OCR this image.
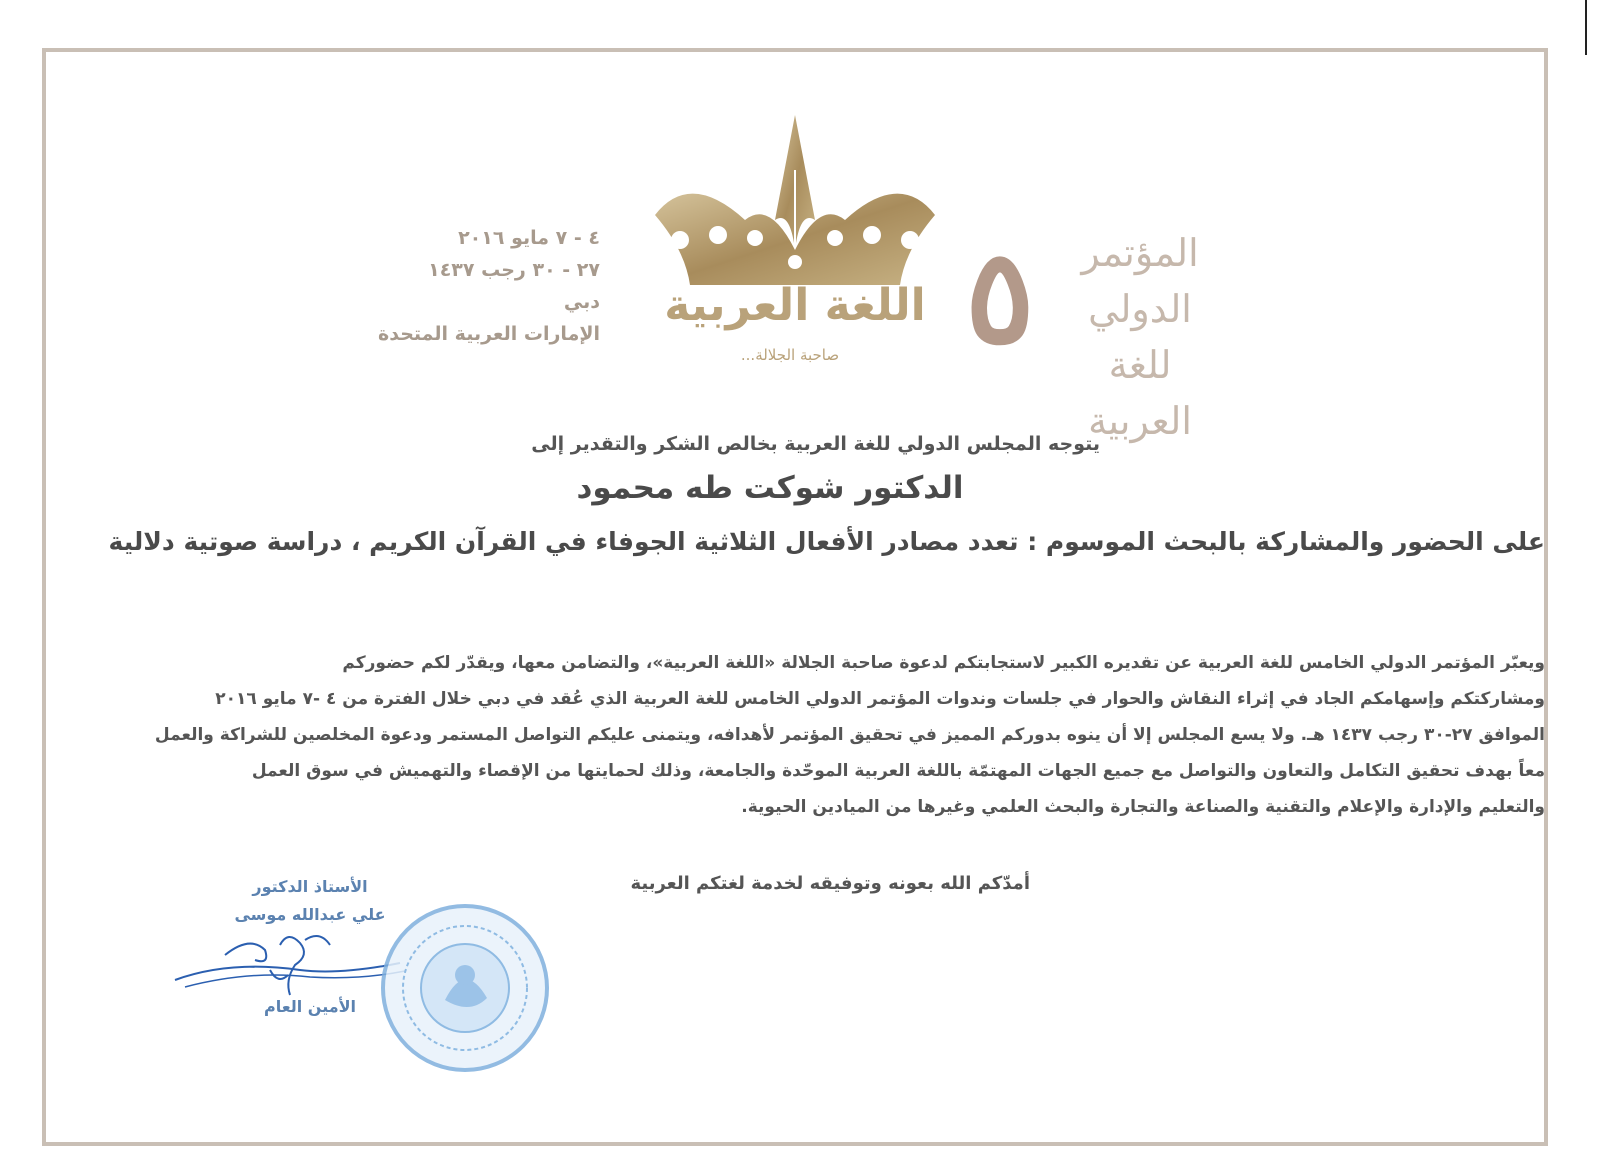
٤ - ٧ مايو ٢٠١٦
٢٧ - ٣٠ رجب ١٤٣٧
دبي
الإمارات العربية المتحدة
اللغة العربية
صاحبة الجلالة... ٥	المؤتمر الدولي للغة العربية
يتوجه المجلس الدولي للغة العربية بخالص الشكر والتقدير إلى
الدكتور شوكت طه محمود
على الحضور والمشاركة بالبحث الموسوم : تعدد مصادر الأفعال الثلاثية الجوفاء في القرآن الكريم ، دراسة صوتية دلالية
ويعبّر المؤتمر الدولي الخامس للغة العربية عن تقديره الكبير لاستجابتكم لدعوة صاحبة الجلالة «اللغة العربية»، والتضامن معها، ويقدّر لكم حضوركم
ومشاركتكم وإسهامكم الجاد في إثراء النقاش والحوار في جلسات وندوات المؤتمر الدولي الخامس للغة العربية الذي عُقد في دبي خلال الفترة من ٤ -٧ مايو ٢٠١٦
الموافق ٢٧-٣٠ رجب ١٤٣٧ هـ. ولا يسع المجلس إلا أن ينوه بدوركم المميز في تحقيق المؤتمر لأهدافه، ويتمنى عليكم التواصل المستمر ودعوة المخلصين للشراكة والعمل
معاً بهدف تحقيق التكامل والتعاون والتواصل مع جميع الجهات المهتمّة باللغة العربية الموحّدة والجامعة، وذلك لحمايتها من الإقصاء والتهميش في سوق العمل
والتعليم والإدارة والإعلام والتقنية والصناعة والتجارة والبحث العلمي وغيرها من الميادين الحيوية.
أمدّكم الله بعونه وتوفيقه لخدمة لغتكم العربية
الأستاذ الدكتور
علي عبدالله موسى
الأمين العام
